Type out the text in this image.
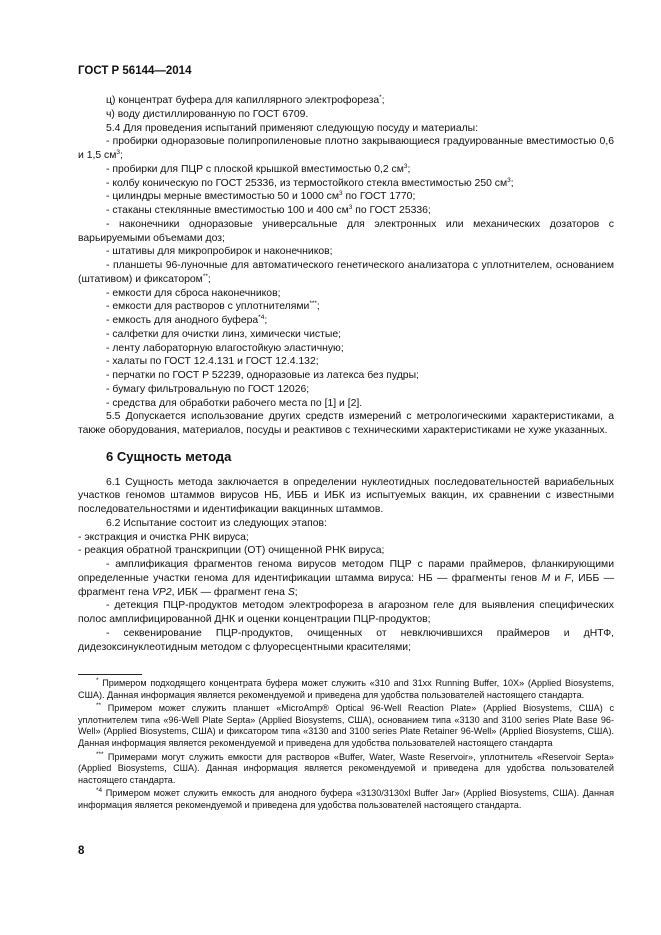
ГОСТ Р 56144—2014

ц) концентрат буфера для капиллярного электрофореза*;

ч) воду дистиллированную по ГОСТ 6709.

5.4 Для проведения испытаний применяют следующую посуду и материалы:

- пробирки одноразовые полипропиленовые плотно закрывающиеся градуированные вместимостью 0,6 и 1,5 $см^3$;

- пробирки для ПЦР с плоской крышкой вместимостью 0,2 $см^3$;

- колбу коническую по ГОСТ 25336, из термостойкого стекла вместимостью 250 $см^3$;

- цилиндры мерные вместимостью 50 и 1000 $см^3$ по ГОСТ 1770;

- стаканы стеклянные вместимостью 100 и 400 $см^3$ по ГОСТ 25336;

- наконечники одноразовые универсальные для электронных или механических дозаторов с варьируемыми объемами доз;

- штативы для микропробирок и наконечников;

- планшеты 96-луночные для автоматического генетического анализатора с уплотнителем, основанием (штативом) и фиксатором**;

- емкости для сброса наконечников;

- емкости для растворов с уплотнителями***;

- емкость для анодного буфера$^{*4}$;

- салфетки для очистки линз, химически чистые;

- ленту лабораторную влагостойкую эластичную;

- халаты по ГОСТ 12.4.131 и ГОСТ 12.4.132;

- перчатки по ГОСТ Р 52239, одноразовые из латекса без пудры;

- бумагу фильтровальную по ГОСТ 12026;

- средства для обработки рабочего места по [1] и [2].

5.5 Допускается использование других средств измерений с метрологическими характеристиками, а также оборудования, материалов, посуды и реактивов с техническими характеристиками не хуже указанных.

6 Сущность метода

6.1 Сущность метода заключается в определении нуклеотидных последовательностей вариабельных участков геномов штаммов вирусов НБ, ИББ и ИБК из испытуемых вакцин, их сравнении с известными последовательностями и идентификации вакцинных штаммов.

6.2 Испытание состоит из следующих этапов:

- экстракция и очистка РНК вируса;

- реакция обратной транскрипции (ОТ) очищенной РНК вируса;

- амплификация фрагментов генома вирусов методом ПЦР с парами праймеров, фланкирующими определенные участки генома для идентификации штамма вируса: НБ — фрагменты генов M и F, ИББ — фрагмент гена VP2, ИБК — фрагмент гена S;

- детекция ПЦР-продуктов методом электрофореза в агарозном геле для выявления специфических полос амплифицированной ДНК и оценки концентрации ПЦР-продуктов;

- секвенирование ПЦР-продуктов, очищенных от невключившихся праймеров и дНТФ, дидезоксинуклеотидным методом с флуоресцентными красителями;

* Примером подходящего концентрата буфера может служить «310 and 31xx Running Buffer, 10X» (Applied Biosystems, США). Данная информация является рекомендуемой и приведена для удобства пользователей настоящего стандарта.

** Примером может служить планшет «MicroAmp® Optical 96-Well Reaction Plate» (Applied Biosystems, США) с уплотнителем типа «96-Well Plate Septa» (Applied Biosystems, США), основанием типа «3130 and 3100 series Plate Base 96-Well» (Applied Biosystems, США) и фиксатором типа «3130 and 3100 series Plate Retainer 96-Well» (Applied Biosystems, США). Данная информация является рекомендуемой и приведена для удобства пользователей настоящего стандарта

*** Примерами могут служить емкости для растворов «Buffer, Water, Waste Reservoir», уплотнитель «Reservoir Septa» (Applied Biosystems, США). Данная информация является рекомендуемой и приведена для удобства пользователей настоящего стандарта.

$^{*4}$ Примером может служить емкость для анодного буфера «3130/3130xl Buffer Jar» (Applied Biosystems, США). Данная информация является рекомендуемой и приведена для удобства пользователей настоящего стандарта.

8
